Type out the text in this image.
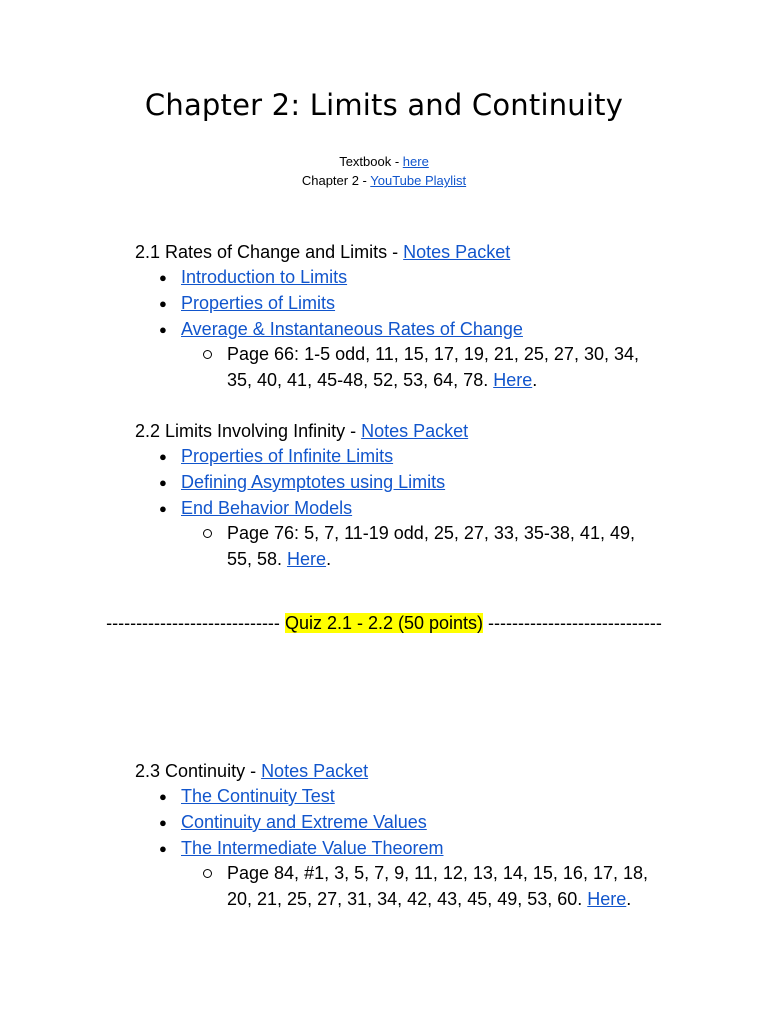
Chapter 2: Limits and Continuity
Textbook - here
Chapter 2 - YouTube Playlist
2.1 Rates of Change and Limits - Notes Packet
● Introduction to Limits
● Properties of Limits
● Average & Instantaneous Rates of Change
Page 66: 1-5 odd, 11, 15, 17, 19, 21, 25, 27, 30, 34,
35, 40, 41, 45-48, 52, 53, 64, 78. Here.
2.2 Limits Involving Infinity - Notes Packet
● Properties of Infinite Limits
● Defining Asymptotes using Limits
● End Behavior Models
Page 76: 5, 7, 11-19 odd, 25, 27, 33, 35-38, 41, 49,
55, 58. Here.
----------------------------- Quiz 2.1 - 2.2 (50 points) -----------------------------
2.3 Continuity - Notes Packet
● The Continuity Test
● Continuity and Extreme Values
● The Intermediate Value Theorem
Page 84, #1, 3, 5, 7, 9, 11, 12, 13, 14, 15, 16, 17, 18,
20, 21, 25, 27, 31, 34, 42, 43, 45, 49, 53, 60. Here.
